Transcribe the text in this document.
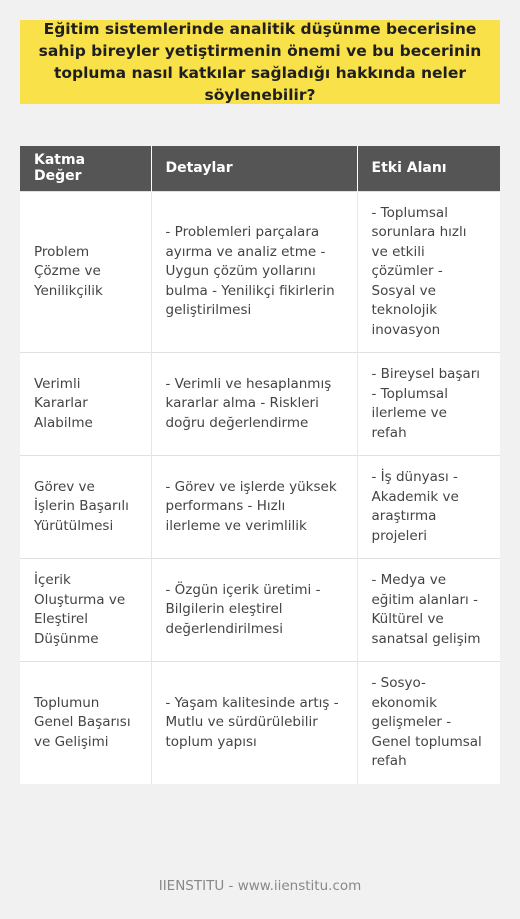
Eğitim sistemlerinde analitik düşünme becerisine sahip bireyler yetiştirmenin önemi ve bu becerinin topluma nasıl katkılar sağladığı hakkında neler söylenebilir?
Katma Değer	Detaylar	Etki Alanı
Problem Çözme ve Yenilikçilik	- Problemleri parçalara ayırma ve analiz etme - Uygun çözüm yollarını bulma - Yenilikçi fikirlerin geliştirilmesi	- Toplumsal sorunlara hızlı ve etkili çözümler - Sosyal ve teknolojik inovasyon
Verimli Kararlar Alabilme	- Verimli ve hesaplanmış kararlar alma - Riskleri doğru değerlendirme	- Bireysel başarı - Toplumsal ilerleme ve refah
Görev ve İşlerin Başarılı Yürütülmesi	- Görev ve işlerde yüksek performans - Hızlı ilerleme ve verimlilik	- İş dünyası - Akademik ve araştırma projeleri
İçerik Oluşturma ve Eleştirel Düşünme	- Özgün içerik üretimi - Bilgilerin eleştirel değerlendirilmesi	- Medya ve eğitim alanları - Kültürel ve sanatsal gelişim
Toplumun Genel Başarısı ve Gelişimi	- Yaşam kalitesinde artış - Mutlu ve sürdürülebilir toplum yapısı	- Sosyo-ekonomik gelişmeler - Genel toplumsal refah
IIENSTITU - www.iienstitu.com
